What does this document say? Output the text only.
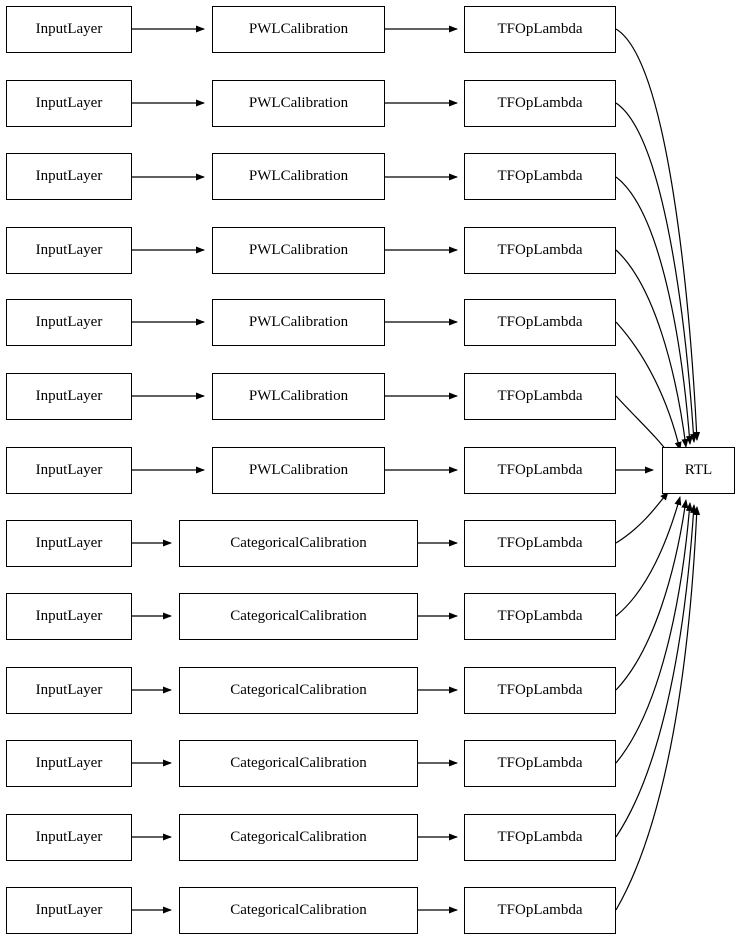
InputLayer	PWLCalibration	TFOpLambda
InputLayer	PWLCalibration	TFOpLambda
InputLayer	PWLCalibration	TFOpLambda
InputLayer	PWLCalibration	TFOpLambda
InputLayer	PWLCalibration	TFOpLambda
InputLayer	PWLCalibration	TFOpLambda
InputLayer	PWLCalibration	TFOpLambda
InputLayer	CategoricalCalibration	TFOpLambda
InputLayer	CategoricalCalibration	TFOpLambda
InputLayer	CategoricalCalibration	TFOpLambda
InputLayer	CategoricalCalibration	TFOpLambda
InputLayer	CategoricalCalibration	TFOpLambda
InputLayer	CategoricalCalibration	TFOpLambda
RTL
